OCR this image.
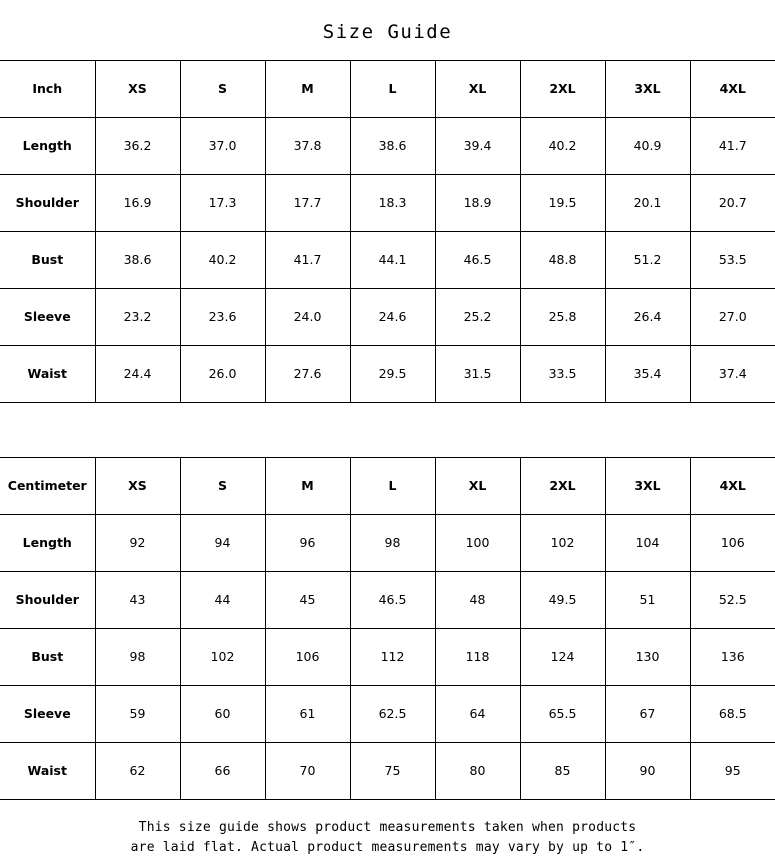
Size Guide
Inch	XS	S	M	L	XL	2XL	3XL	4XL
Length	36.2	37.0	37.8	38.6	39.4	40.2	40.9	41.7
Shoulder	16.9	17.3	17.7	18.3	18.9	19.5	20.1	20.7
Bust	38.6	40.2	41.7	44.1	46.5	48.8	51.2	53.5
Sleeve	23.2	23.6	24.0	24.6	25.2	25.8	26.4	27.0
Waist	24.4	26.0	27.6	29.5	31.5	33.5	35.4	37.4
Centimeter	XS	S	M	L	XL	2XL	3XL	4XL
Length	92	94	96	98	100	102	104	106
Shoulder	43	44	45	46.5	48	49.5	51	52.5
Bust	98	102	106	112	118	124	130	136
Sleeve	59	60	61	62.5	64	65.5	67	68.5
Waist	62	66	70	75	80	85	90	95
This size guide shows product measurements taken when products
are laid flat. Actual product measurements may vary by up to 1″.
